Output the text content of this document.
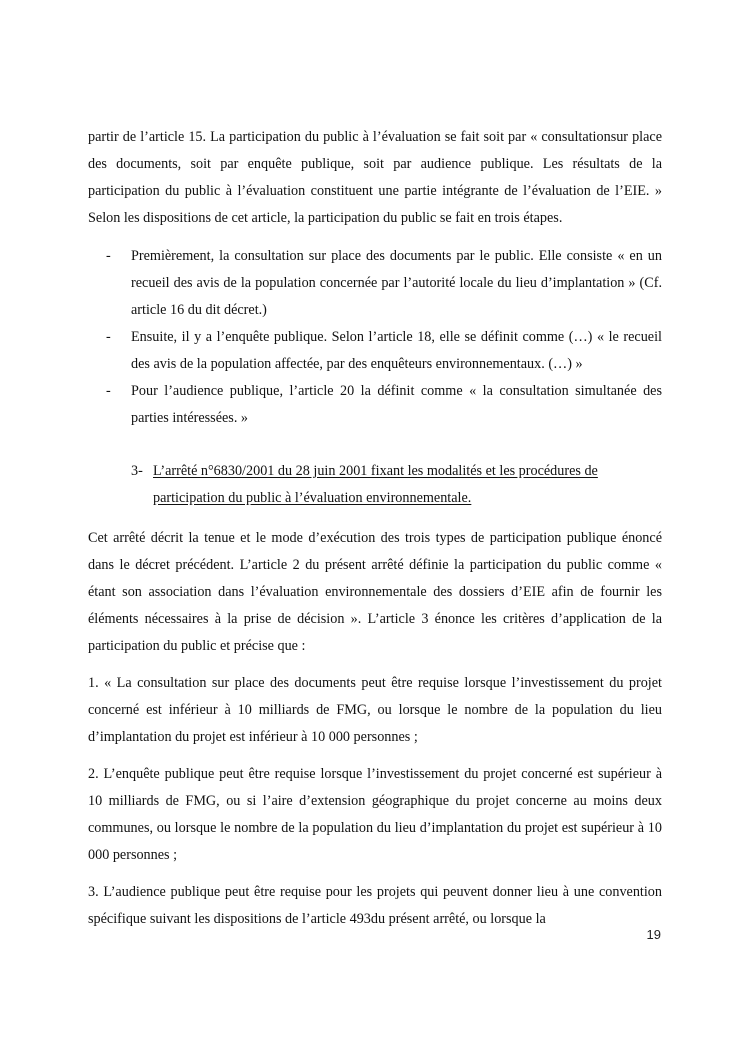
partir de l’article 15. La participation du public à l’évaluation se fait soit par « consultationsur place des documents, soit par enquête publique, soit par audience publique. Les résultats de la participation du public à l’évaluation constituent une partie intégrante de l’évaluation de l’EIE. » Selon les dispositions de cet article, la participation du public se fait en trois étapes.

- Premièrement, la consultation sur place des documents par le public. Elle consiste « en un recueil des avis de la population concernée par l’autorité locale du lieu d’implantation » (Cf. article 16 du dit décret.)
- Ensuite, il y a l’enquête publique. Selon l’article 18, elle se définit comme (…) « le recueil des avis de la population affectée, par des enquêteurs environnementaux. (…) »
- Pour l’audience publique, l’article 20 la définit comme « la consultation simultanée des parties intéressées. »
3- L’arrêté n°6830/2001 du 28 juin 2001 fixant les modalités et les procédures de participation du public à l’évaluation environnementale.

Cet arrêté décrit la tenue et le mode d’exécution des trois types de participation publique énoncé dans le décret précédent. L’article 2 du présent arrêté définie la participation du public comme « étant son association dans l’évaluation environnementale des dossiers d’EIE afin de fournir les éléments nécessaires à la prise de décision ». L’article 3 énonce les critères d’application de la participation du public et précise que :

1. « La consultation sur place des documents peut être requise lorsque l’investissement du projet concerné est inférieur à 10 milliards de FMG, ou lorsque le nombre de la population du lieu d’implantation du projet est inférieur à 10 000 personnes ;

2. L’enquête publique peut être requise lorsque l’investissement du projet concerné est supérieur à 10 milliards de FMG, ou si l’aire d’extension géographique du projet concerne au moins deux communes, ou lorsque le nombre de la population du lieu d’implantation du projet est supérieur à 10 000 personnes ;

3. L’audience publique peut être requise pour les projets qui peuvent donner lieu à une convention spécifique suivant les dispositions de l’article 493du présent arrêté, ou lorsque la

19
